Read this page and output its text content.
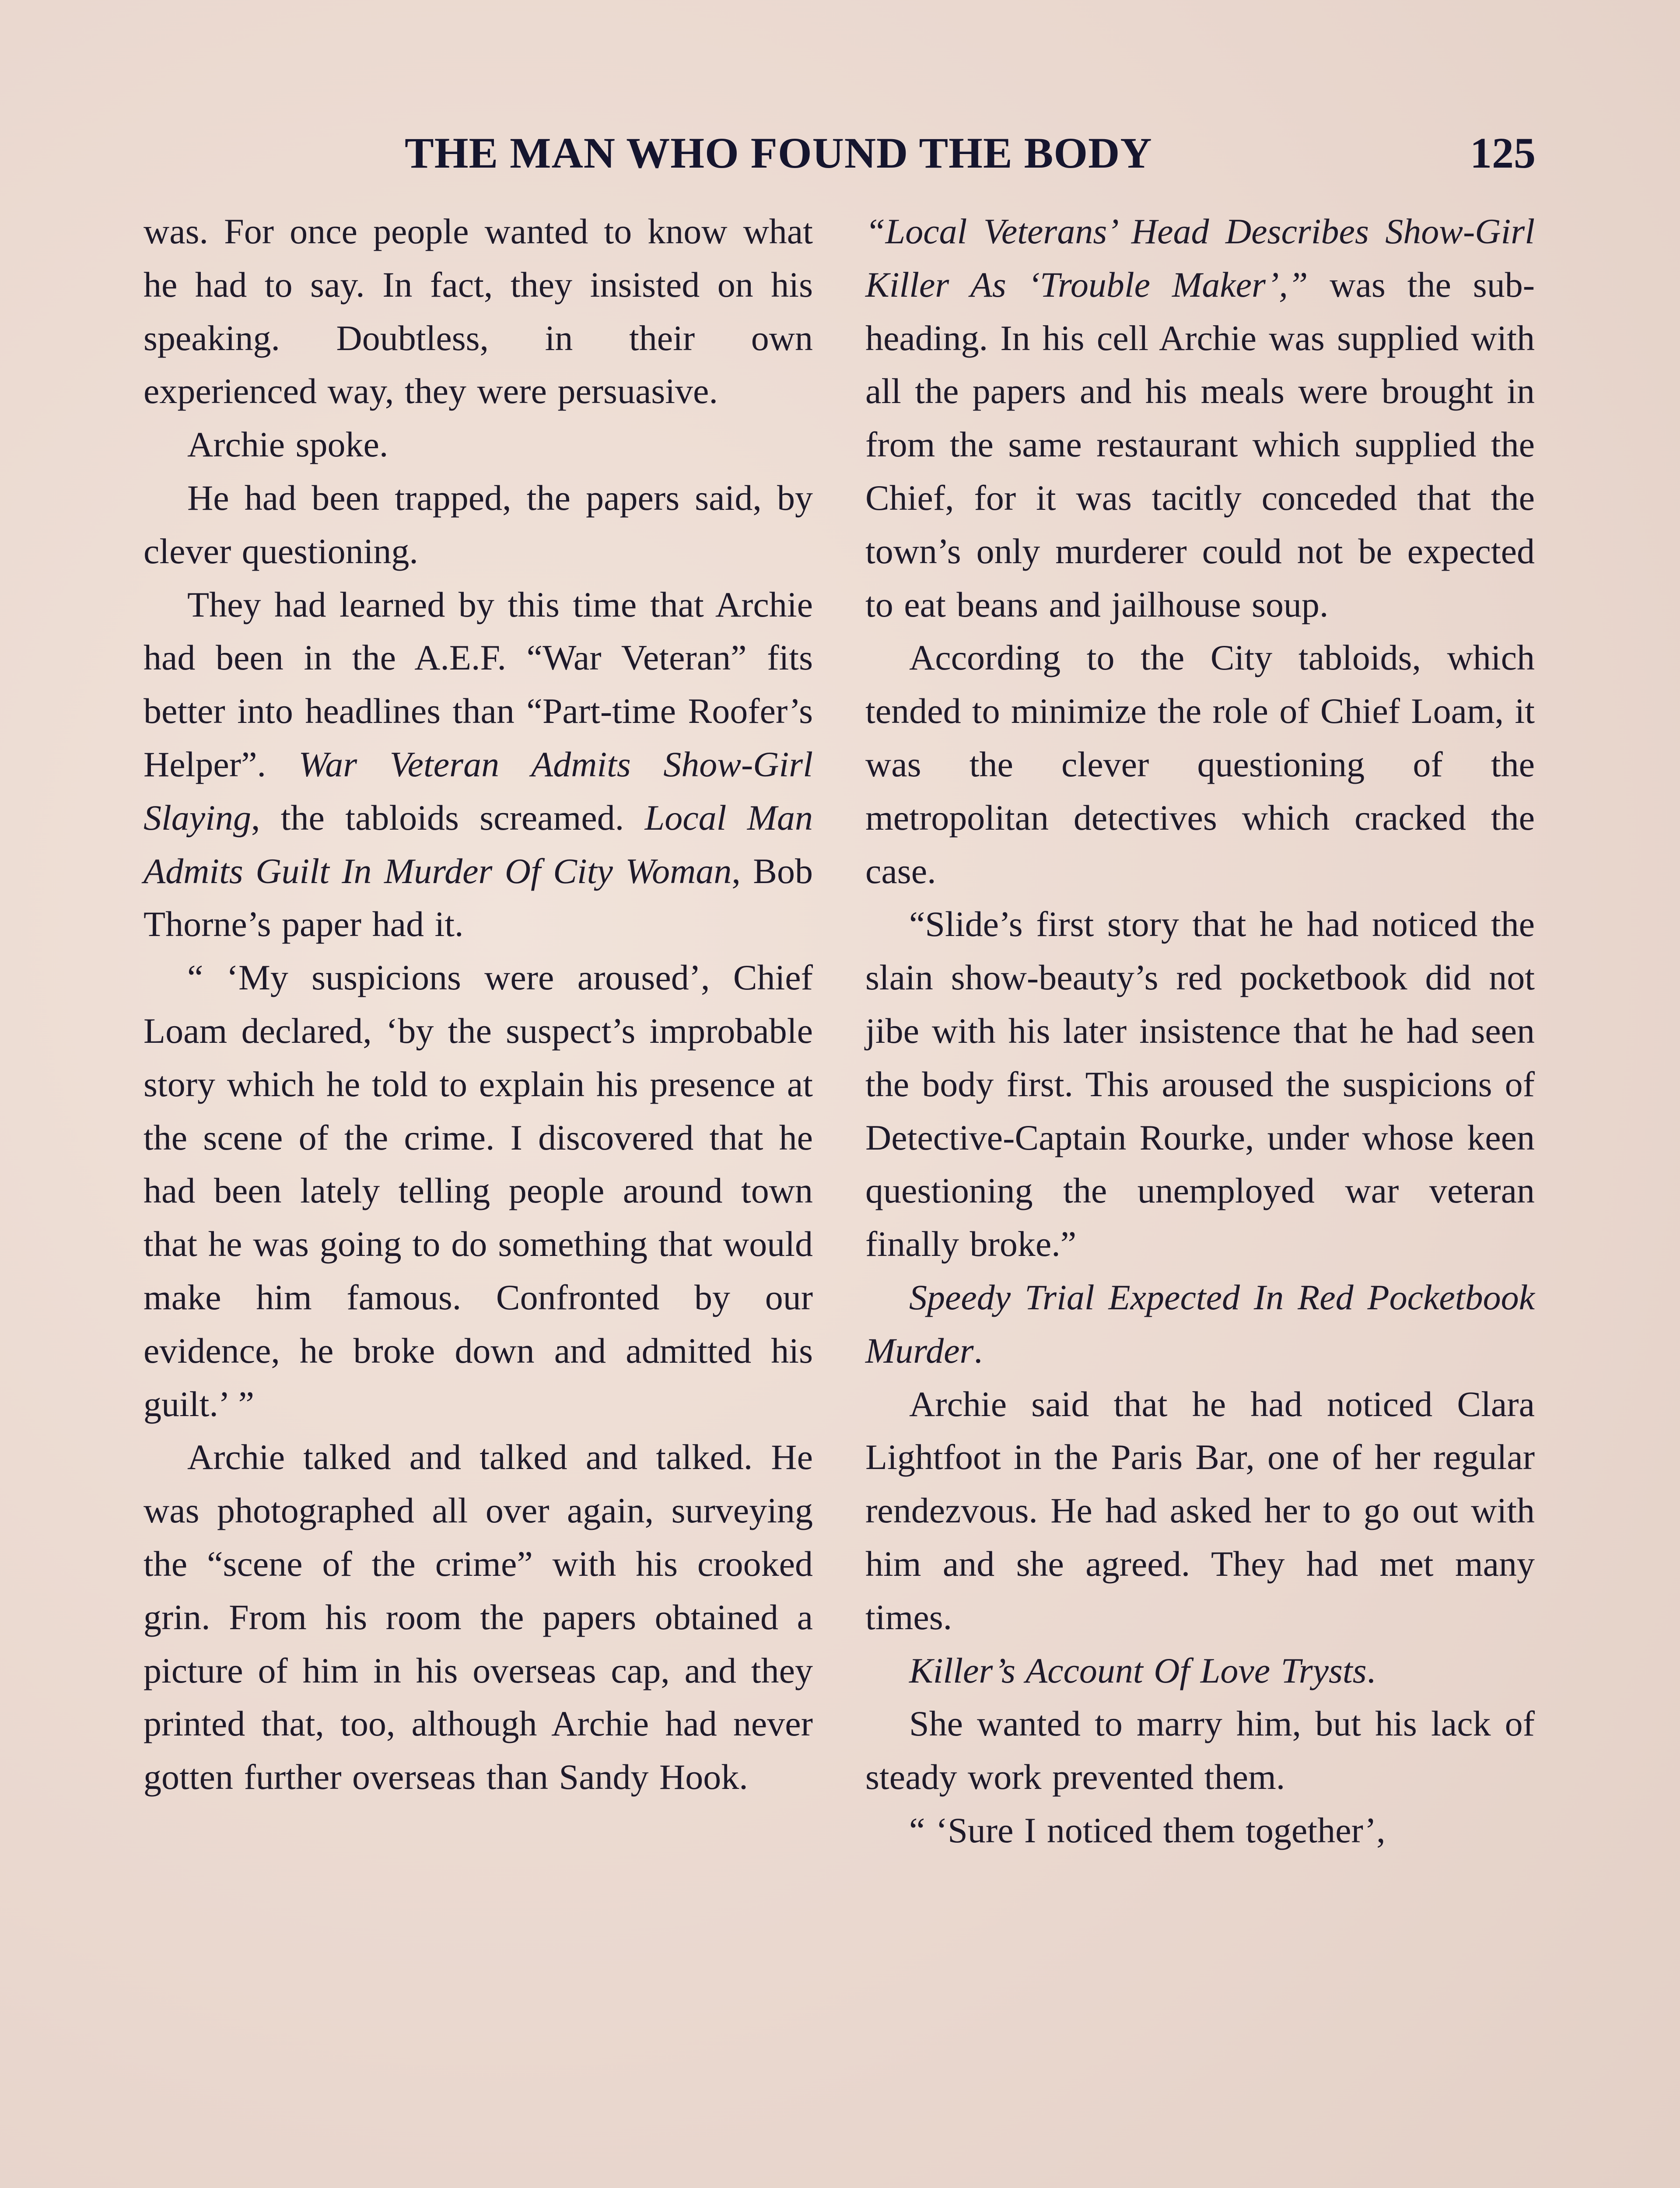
THE MAN WHO FOUND THE BODY	125

was. For once people wanted to know what he had to say. In fact, they insisted on his speaking. Doubtless, in their own experienced way, they were persuasive.

Archie spoke.

He had been trapped, the papers said, by clever questioning.

They had learned by this time that Archie had been in the A.E.F. “War Veteran” fits better into headlines than “Part-time Roofer’s Helper”. War Veteran Admits Show-Girl Slaying, the tabloids screamed. Local Man Admits Guilt In Murder Of City Woman, Bob Thorne’s paper had it.

“ ‘My suspicions were aroused’, Chief Loam declared, ‘by the suspect’s improbable story which he told to explain his presence at the scene of the crime. I discovered that he had been lately telling people around town that he was going to do something that would make him famous. Confronted by our evidence, he broke down and admitted his guilt.’ ”

Archie talked and talked and talked. He was photographed all over again, surveying the “scene of the crime” with his crooked grin. From his room the papers obtained a picture of him in his overseas cap, and they printed that, too, although Archie had never gotten further overseas than Sandy Hook.

“Local Veterans’ Head Describes Show-Girl Killer As ‘Trouble Maker’,” was the sub-heading. In his cell Archie was supplied with all the papers and his meals were brought in from the same restaurant which supplied the Chief, for it was tacitly conceded that the town’s only murderer could not be expected to eat beans and jailhouse soup.

According to the City tabloids, which tended to minimize the role of Chief Loam, it was the clever questioning of the metropolitan detectives which cracked the case.

“Slide’s first story that he had noticed the slain show-beauty’s red pocketbook did not jibe with his later insistence that he had seen the body first. This aroused the suspicions of Detective-Captain Rourke, under whose keen questioning the unemployed war veteran finally broke.”

Speedy Trial Expected In Red Pocketbook Murder.

Archie said that he had noticed Clara Lightfoot in the Paris Bar, one of her regular rendezvous. He had asked her to go out with him and she agreed. They had met many times.

Killer’s Account Of Love Trysts.

She wanted to marry him, but his lack of steady work prevented them.

“ ‘Sure I noticed them together’,
